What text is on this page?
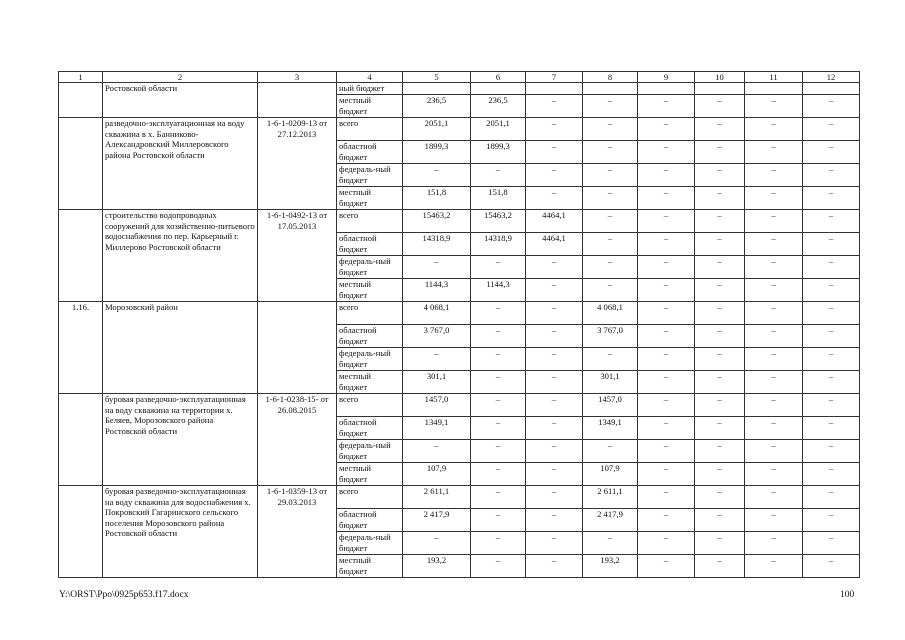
1	2	3	4	5	6	7	8	9	10	11	12
	Ростовской области		ный бюджет								
			местный бюджет	236,5	236,5	–	–	–	–	–	–
	разведочно-эксплуатационная на воду скважина в х. Банниково-Александровский Миллеровского района Ростовской области	1-6-1-0209-13 от 27.12.2013	всего	2051,1	2051,1	–	–	–	–	–	–
			областной бюджет	1899,3	1899,3	–	–	–	–	–	–
			федераль-ный бюджет	–	–	–	–	–	–	–	–
			местный бюджет	151,8	151,8	–	–	–	–	–	–
	строительство водопроводных сооружений для хозяйственно-питьевого водоснабжения по пер. Карьерный г. Миллерово Ростовской области	1-6-1-0492-13 от 17.05.2013	всего	15463,2	15463,2	4464,1	–	–	–	–	–
			областной бюджет	14318,9	14318,9	4464,1	–	–	–	–	–
			федераль-ный бюджет	–	–	–	–	–	–	–	–
			местный бюджет	1144,3	1144,3	–	–	–	–	–	–
1.16.	Морозовский район		всего	4 068,1	–	–	4 068,1	–	–	–	–
			областной бюджет	3 767,0	–	–	3 767,0	–	–	–	–
			федераль-ный бюджет	–	–	–	–	–	–	–	–
			местный бюджет	301,1	–	–	301,1	–	–	–	–
	буровая разведочно-эксплуатационная на воду скважина на территории х. Беляев, Морозовского района Ростовской области	1-6-1-0238-15- от 26.08.2015	всего	1457,0	–	–	1457,0	–	–	–	–
			областной бюджет	1349,1	–	–	1349,1	–	–	–	–
			федераль-ный бюджет	–	–	–	–	–	–	–	–
			местный бюджет	107,9	–	–	107,9	–	–	–	–
	буровая разведочно-эксплуатационная на воду скважина для водоснабжения х. Покровский Гагаринского сельского поселения Морозовского района Ростовской области	1-6-1-0359-13 от 29.03.2013	всего	2 611,1	–	–	2 611,1	–	–	–	–
			областной бюджет	2 417,9	–	–	2 417,9	–	–	–	–
			федераль-ный бюджет	–	–	–	–	–	–	–	–
			местный бюджет	193,2	–	–	193,2	–	–	–	–
Y:\ORST\Ppo\0925p653.f17.docx	100
